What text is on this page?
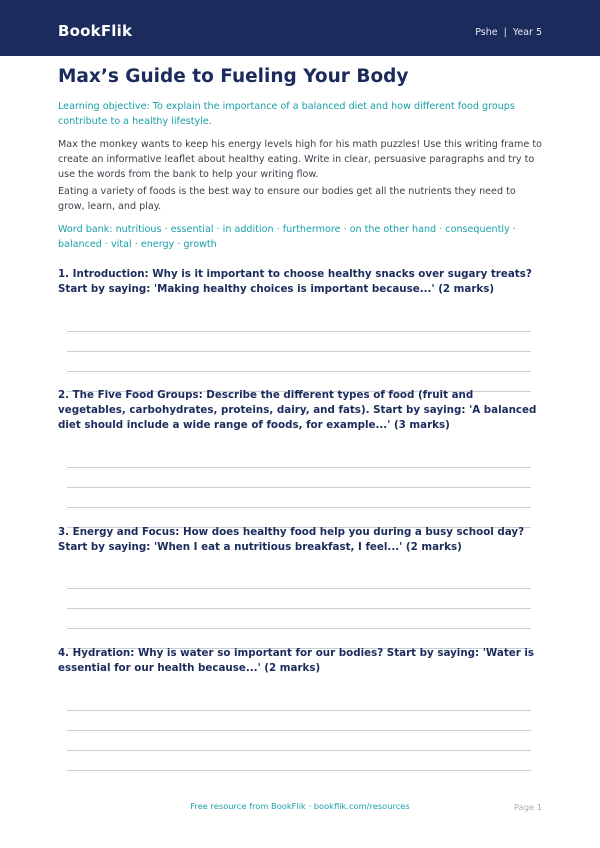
BookFlik	Pshe | Year 5
Max’s Guide to Fueling Your Body
Learning objective: To explain the importance of a balanced diet and how different food groups contribute to a healthy lifestyle.
Max the monkey wants to keep his energy levels high for his math puzzles! Use this writing frame to create an informative leaflet about healthy eating. Write in clear, persuasive paragraphs and try to use the words from the bank to help your writing flow.
Eating a variety of foods is the best way to ensure our bodies get all the nutrients they need to grow, learn, and play.
Word bank: nutritious · essential · in addition · furthermore · on the other hand · consequently · balanced · vital · energy · growth
1. Introduction: Why is it important to choose healthy snacks over sugary treats? Start by saying: 'Making healthy choices is important because...' (2 marks)
2. The Five Food Groups: Describe the different types of food (fruit and vegetables, carbohydrates, proteins, dairy, and fats). Start by saying: 'A balanced diet should include a wide range of foods, for example...' (3 marks)
3. Energy and Focus: How does healthy food help you during a busy school day? Start by saying: 'When I eat a nutritious breakfast, I feel...' (2 marks)
4. Hydration: Why is water so important for our bodies? Start by saying: 'Water is essential for our health because...' (2 marks)
Free resource from BookFlik · bookflik.com/resources	Page 1
